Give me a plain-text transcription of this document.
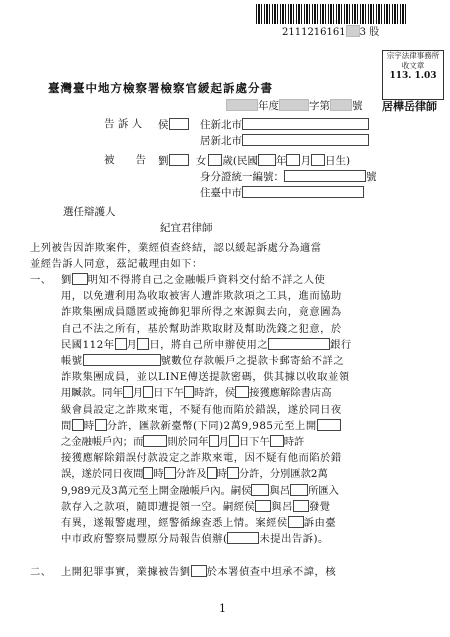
2111216161 3 股
宗宇法律事務所
收文章
113. 1.03
居樺岳律師
臺灣臺中地方檢察署檢察官緩起訴處分書
年度	字第 號
告 訴 人 侯	住新北市
居新北市
被　　告 劉	女 歲(民國 年 月 日生)
身分證統一編號：	號
住臺中市
選任辯護人
紀宜君律師
上列被告因詐欺案件，業經偵查終結，認以緩起訴處分為適當
並經告訴人同意，茲記載理由如下：
一、 劉 明知不得將自己之金融帳戶資料交付給不詳之人使
用，以免遭利用為收取被害人遭詐欺款項之工具，進而協助
詐欺集團成員隱匿或掩飾犯罪所得之來源與去向，竟意圖為
自己不法之所有，基於幫助詐欺取財及幫助洗錢之犯意，於
民國112年 月 日，將自己所申辦使用之	銀行
帳號	號數位存款帳戶之提款卡郵寄給不詳之
詐欺集團成員，並以LINE傳送提款密碼，供其據以收取並領
用贓款。同年 月 日下午 時許，侯 接獲應解除書店高
級會員設定之詐欺來電，不疑有他而陷於錯誤，遂於同日夜
間 時 分許，匯款新臺幣(下同)2萬9,985元至上開
之金融帳戶內；而 則於同年 月 日下午 時許
接獲應解除錯誤付款設定之詐欺來電，因不疑有他而陷於錯
誤，遂於同日夜間 時 分許及 時 分許，分別匯款2萬
9,989元及3萬元至上開金融帳戶內。嗣侯 與呂 所匯入
款存入之款項，隨即遭提領一空。嗣經侯 與呂 發覺
有異，遂報警處理，經警循線查悉上情。案經侯 訴由臺
中市政府警察局豐原分局報告偵辦(	未提出告訴)。
二、 上開犯罪事實，業據被告劉 於本署偵查中坦承不諱，核
1
